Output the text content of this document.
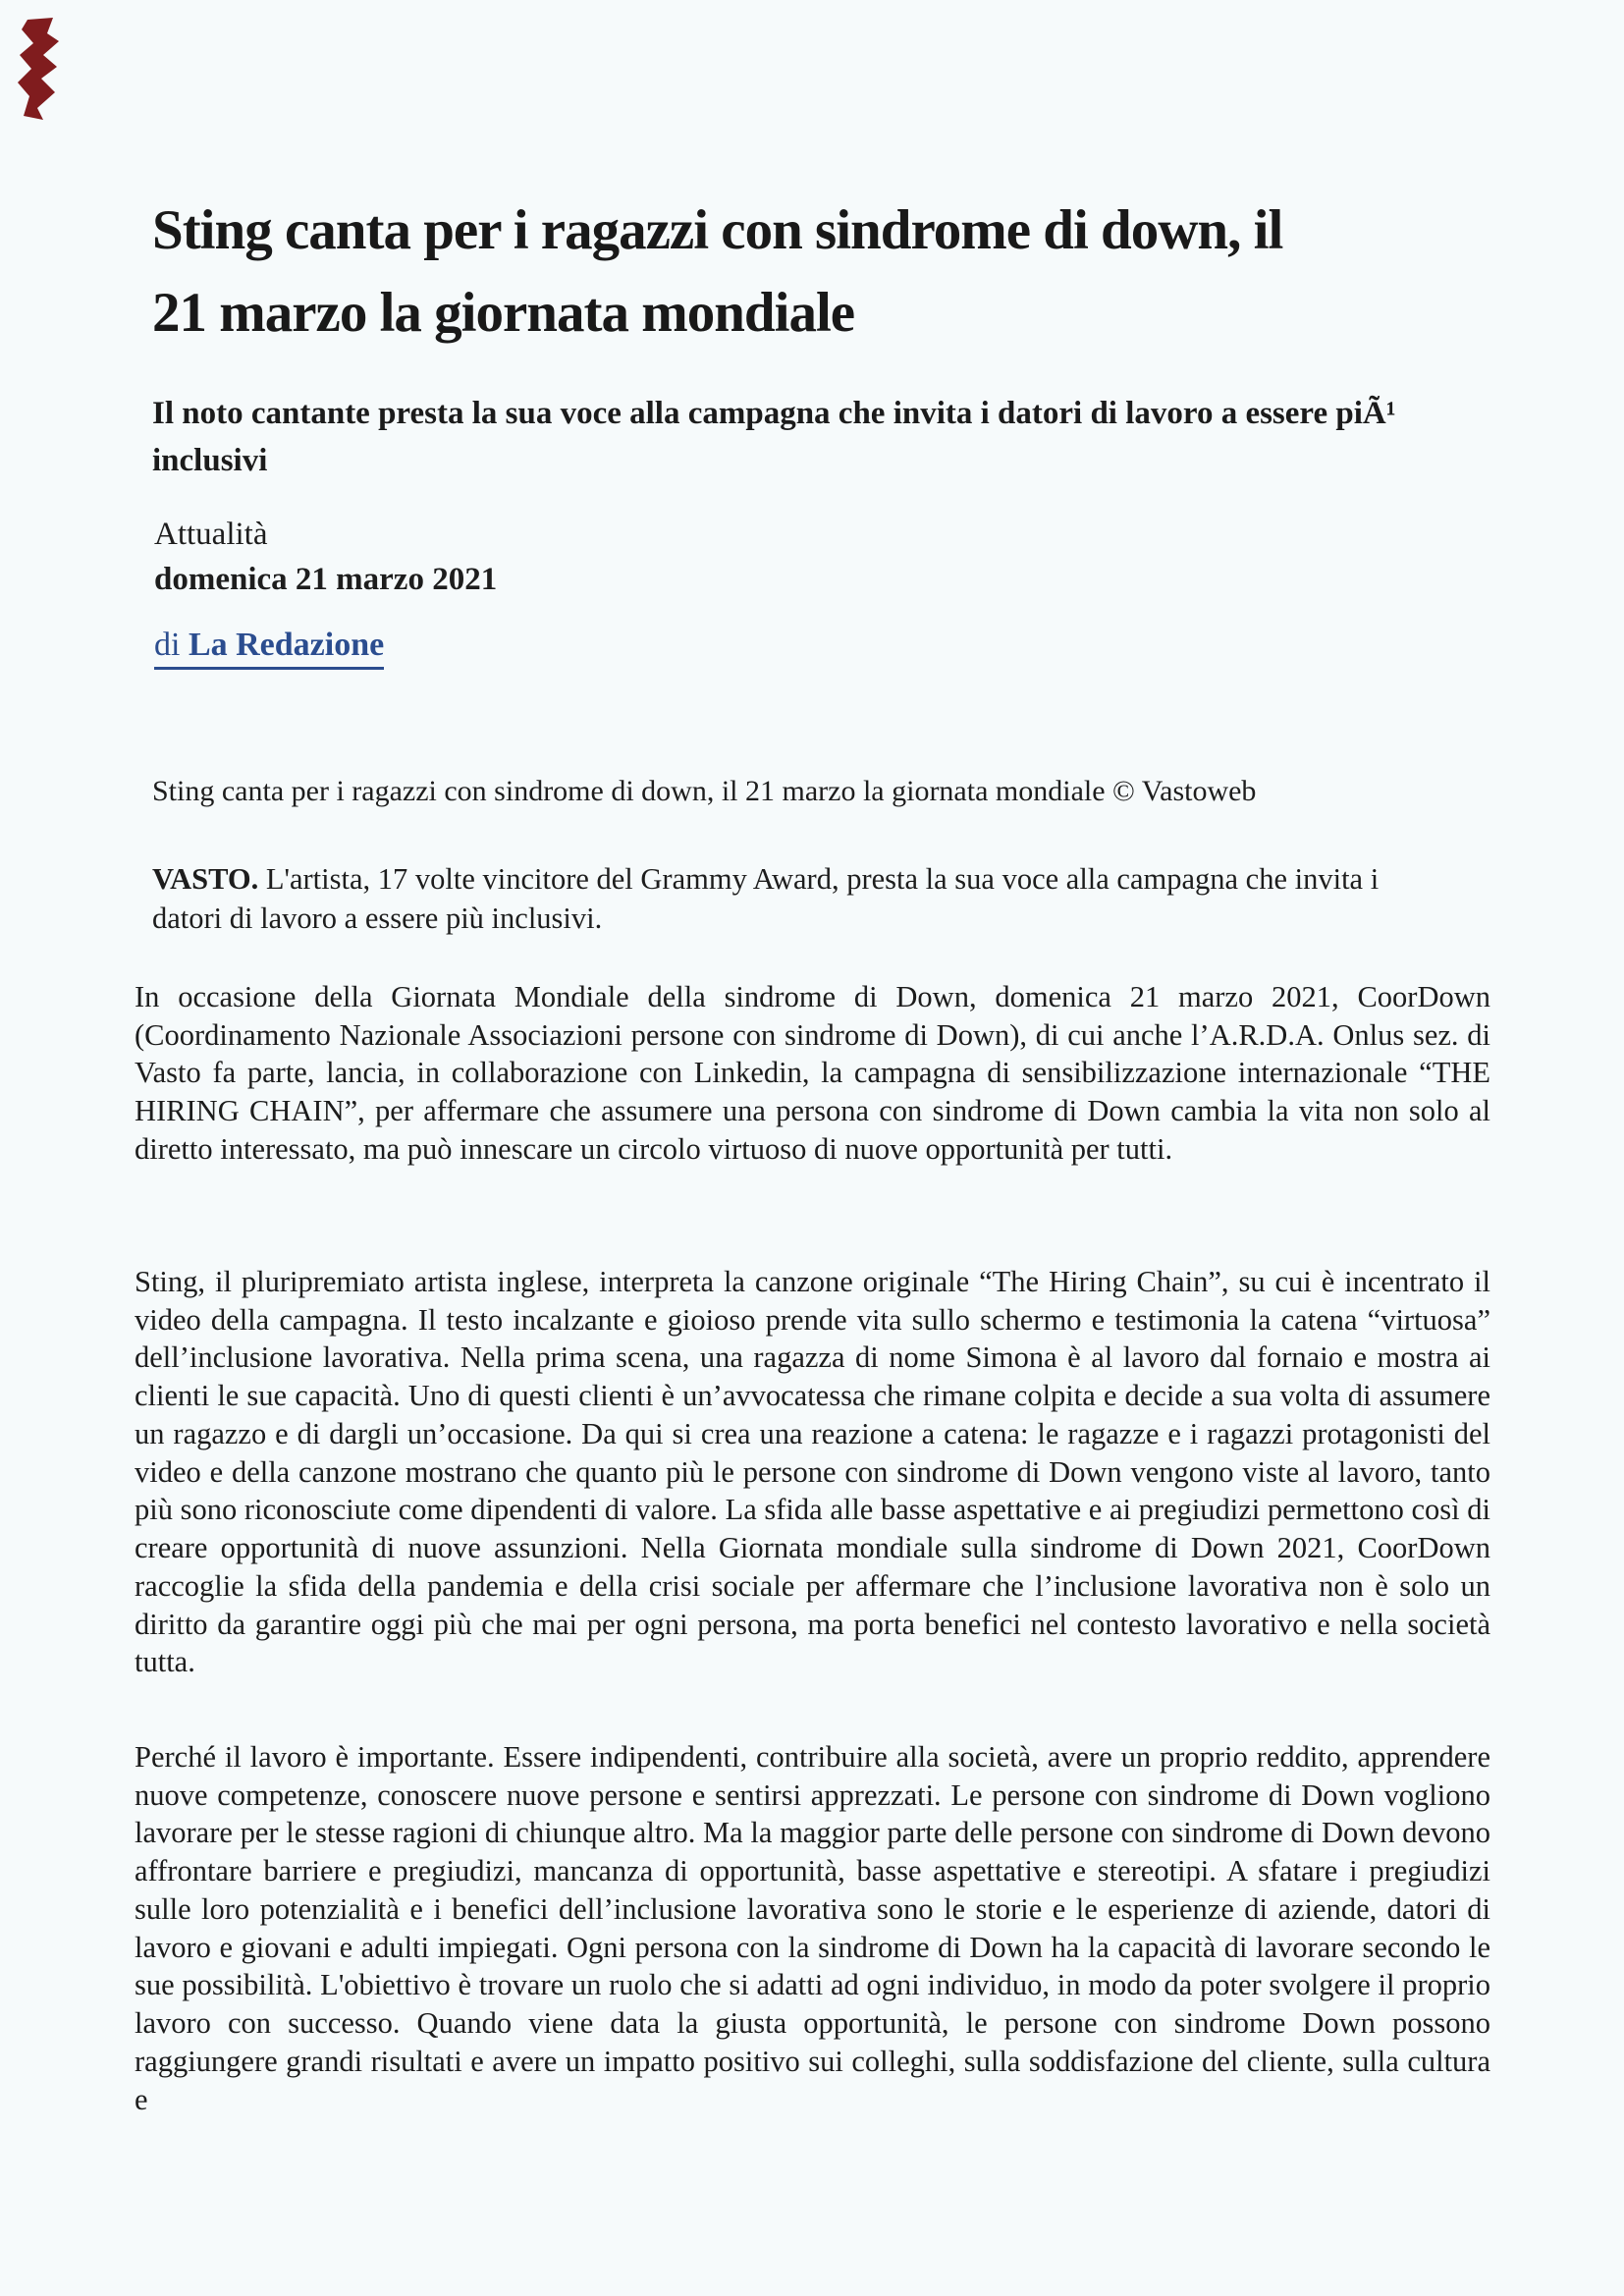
Sting canta per i ragazzi con sindrome di down, il 21 marzo la giornata mondiale
Il noto cantante presta la sua voce alla campagna che invita i datori di lavoro a essere piÃ¹ inclusivi
Attualità
domenica 21 marzo 2021
di La Redazione
Sting canta per i ragazzi con sindrome di down, il 21 marzo la giornata mondiale © Vastoweb

VASTO. L'artista, 17 volte vincitore del Grammy Award, presta la sua voce alla campagna che invita i datori di lavoro a essere più inclusivi.

In occasione della Giornata Mondiale della sindrome di Down, domenica 21 marzo 2021, CoorDown (Coordinamento Nazionale Associazioni persone con sindrome di Down), di cui anche l’A.R.D.A. Onlus sez. di Vasto fa parte, lancia, in collaborazione con Linkedin, la campagna di sensibilizzazione internazionale “THE HIRING CHAIN”, per affermare che assumere una persona con sindrome di Down cambia la vita non solo al diretto interessato, ma può innescare un circolo virtuoso di nuove opportunità per tutti.

Sting, il pluripremiato artista inglese, interpreta la canzone originale “The Hiring Chain”, su cui è incentrato il video della campagna. Il testo incalzante e gioioso prende vita sullo schermo e testimonia la catena “virtuosa” dell’inclusione lavorativa. Nella prima scena, una ragazza di nome Simona è al lavoro dal fornaio e mostra ai clienti le sue capacità. Uno di questi clienti è un’avvocatessa che rimane colpita e decide a sua volta di assumere un ragazzo e di dargli un’occasione. Da qui si crea una reazione a catena: le ragazze e i ragazzi protagonisti del video e della canzone mostrano che quanto più le persone con sindrome di Down vengono viste al lavoro, tanto più sono riconosciute come dipendenti di valore. La sfida alle basse aspettative e ai pregiudizi permettono così di creare opportunità di nuove assunzioni. Nella Giornata mondiale sulla sindrome di Down 2021, CoorDown raccoglie la sfida della pandemia e della crisi sociale per affermare che l’inclusione lavorativa non è solo un diritto da garantire oggi più che mai per ogni persona, ma porta benefici nel contesto lavorativo e nella società tutta.

Perché il lavoro è importante. Essere indipendenti, contribuire alla società, avere un proprio reddito, apprendere nuove competenze, conoscere nuove persone e sentirsi apprezzati. Le persone con sindrome di Down vogliono lavorare per le stesse ragioni di chiunque altro. Ma la maggior parte delle persone con sindrome di Down devono affrontare barriere e pregiudizi, mancanza di opportunità, basse aspettative e stereotipi. A sfatare i pregiudizi sulle loro potenzialità e i benefici dell’inclusione lavorativa sono le storie e le esperienze di aziende, datori di lavoro e giovani e adulti impiegati. Ogni persona con la sindrome di Down ha la capacità di lavorare secondo le sue possibilità. L'obiettivo è trovare un ruolo che si adatti ad ogni individuo, in modo da poter svolgere il proprio lavoro con successo. Quando viene data la giusta opportunità, le persone con sindrome Down possono raggiungere grandi risultati e avere un impatto positivo sui colleghi, sulla soddisfazione del cliente, sulla cultura e
